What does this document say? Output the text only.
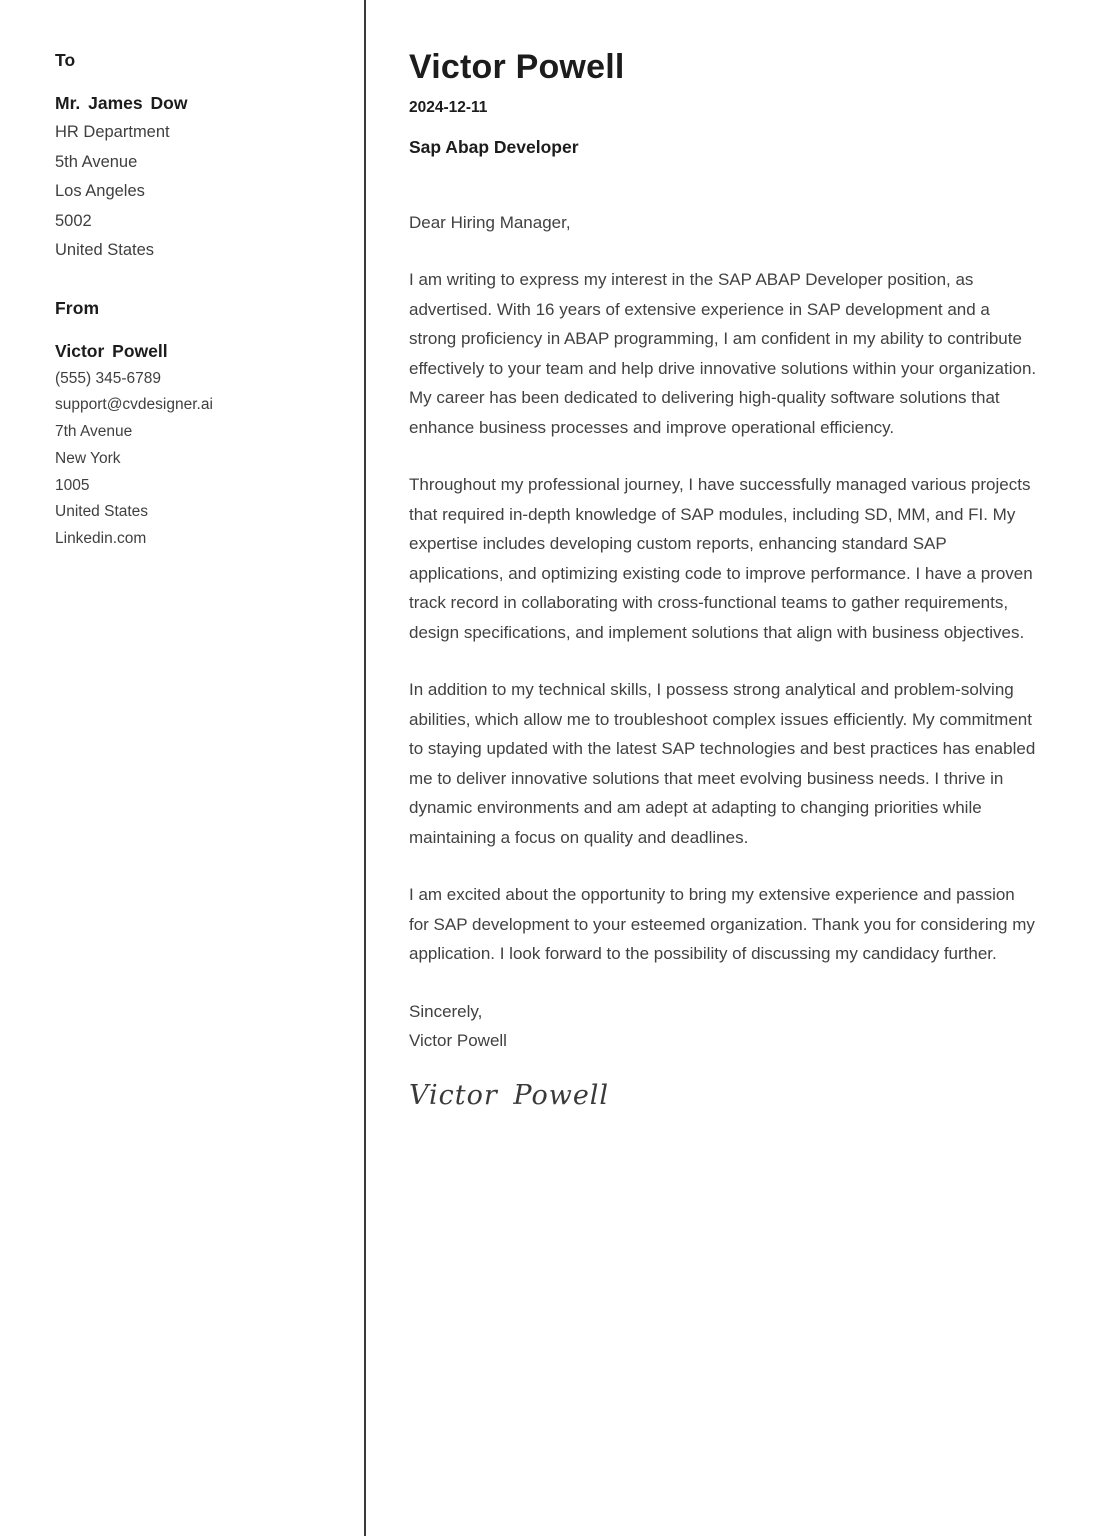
To
Mr. James Dow
HR Department
5th Avenue
Los Angeles
5002
United States
From
Victor Powell
(555) 345-6789
support@cvdesigner.ai
7th Avenue
New York
1005
United States
Linkedin.com
Victor Powell
2024-12-11
Sap Abap Developer
Dear Hiring Manager,

I am writing to express my interest in the SAP ABAP Developer position, as advertised. With 16 years of extensive experience in SAP development and a strong proficiency in ABAP programming, I am confident in my ability to contribute effectively to your team and help drive innovative solutions within your organization. My career has been dedicated to delivering high-quality software solutions that enhance business processes and improve operational efficiency.

Throughout my professional journey, I have successfully managed various projects that required in-depth knowledge of SAP modules, including SD, MM, and FI. My expertise includes developing custom reports, enhancing standard SAP applications, and optimizing existing code to improve performance. I have a proven track record in collaborating with cross-functional teams to gather requirements, design specifications, and implement solutions that align with business objectives.

In addition to my technical skills, I possess strong analytical and problem-solving abilities, which allow me to troubleshoot complex issues efficiently. My commitment to staying updated with the latest SAP technologies and best practices has enabled me to deliver innovative solutions that meet evolving business needs. I thrive in dynamic environments and am adept at adapting to changing priorities while maintaining a focus on quality and deadlines.

I am excited about the opportunity to bring my extensive experience and passion for SAP development to your esteemed organization. Thank you for considering my application. I look forward to the possibility of discussing my candidacy further.

Sincerely,
Victor Powell
Victor Powell
